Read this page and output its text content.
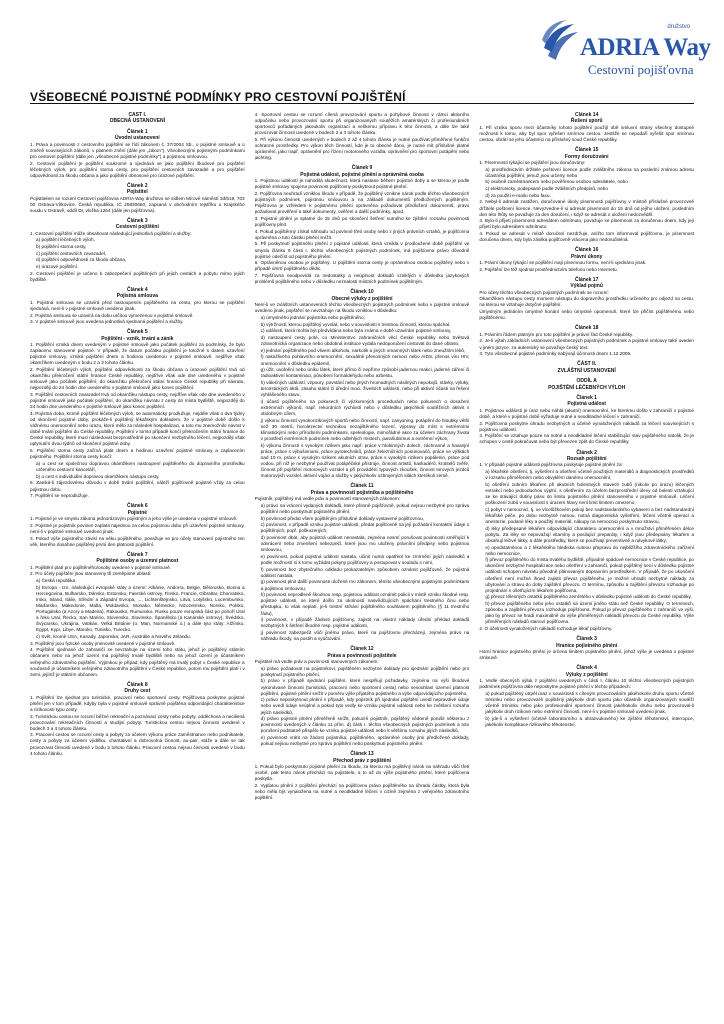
družstvo
ADRIA Way
Cestovní pojišťovna
VŠEOBECNÉ POJISTNÉ PODMÍNKY PRO CESTOVNÍ POJIŠTĚNÍ
ČÁST I.
OBECNÁ USTANOVENÍ
Článek 1
Úvodní ustanovení

1. Práva a povinnosti z cestovního pojištění se řídí zákonem č. 37/2004 Sb., o pojistné smlouvě a o změně souvisejících zákonů, v platném znění (dále jen „zákon"), Všeobecnými pojistnými podmínkami pro cestovní pojištění (dále jen „všeobecné pojistné podmínky") a pojistnou smlouvou.

2. Cestovní pojištění je pojištění soukromé a sjednává se jako pojištění škodové pro pojištění léčebných výloh, pro pojištění stornа cesty, pro pojištění cestovních zavazadel a pro pojištění odpovědnosti za škodu občana a jako pojištění obnosové pro úrazové pojištění.

Článek 2
Pojistitel

Pojistitelem se rozumí Cestovní pojišťovna ADRIA Way družstvo se sídlem Mírové náměstí 3d/519, 703 00 Ostrava-Vítkovice, Česká republika, IČ 25830660, zapsaná v obchodním rejstříku u Krajského soudu v Ostravě, oddíl Dr, vložka 1264 (dále jen pojišťovna).

Článek 3
Cestovní pojištění

1. Cestovní pojištění může obsahovat následující jednotlivá pojištění a služby:

a) pojištění léčebných výloh,

b) pojištění storna cesty,

c) pojištění cestovních zavazadel,

d) pojištění odpovědnosti za škodu občana,

e) úrazové pojištění.

2. Cestovní pojištění je určeno k zabezpečení pojištěných při jejich cestách a pobytu mimo jejich bydliště.

Článek 4
Pojistná smlouva

1. Pojistná smlouva se uzavírá před nastoupením pojištěného na cestu, pro kterou se pojištění sjednává, není-li v pojistné smlouvě uvedeno jinak.

2. Pojistná smlouva se uzavírá na dobu určitou vymezenou v pojistné smlouvě.

3. V pojistné smlouvě jsou uvedena jednotlivá sjednaná pojištění a služby.

Článek 5
Pojištění - vznik, trvání a zánik

1. Pojištění vzniká dnem uvedeným v pojistné smlouvě jako počátek pojištění za podmínky, že bylo zaplaceno stanovené pojistné. V případě, že datum počátku pojištění je totožné s datem uzavření pojistné smlouvy, vzniká pojištění dnem a hodinou uvedenou v pojistné smlouvě, nejdříve však okamžikem uvedeným v bodu 2 a 3 tohoto článku.

2. Pojištění léčebných výloh, pojištění odpovědnosti za škodu občana a úrazové pojištění trvá od okamžiku překročení státní hranice České republiky, nejdříve však ode dne uvedeného v pojistné smlouvě jako počátek pojištění, do okamžiku překročení státní hranice České republiky při návratu, nejpozději do 24 hodin dne uvedeného v pojistné smlouvě jako konec pojištění.

3. Pojištění cestovních zavazadel trvá od okamžiku nástupu cesty, nejdříve však ode dne uvedeného v pojistné smlouvě jako počátek pojištění, do okamžiku návratu z cesty do místa bydliště, nejpozději do 24 hodin dne uvedeného v pojistné smlouvě jako konec pojištění.

4. Pojistná doba, kromě pojištění léčebných výloh, se automaticky prodlužuje, nejdéle však o dva týdny od skončení pojistné doby, prokáže-li pojištěný lékařským dokladem, že v pojistné době došlo k vážnému onemocnění nebo úrazu, které mělo za následek hospitalizaci, a toto mu znemožnilo návrat v době trvání pojištění do České republiky. Pojištění v tomto případě končí překročením státní hranice do České republiky, které musí následovat bezprostředně po skončení nezbytného léčení, nejpozději však uplynutím dvou týdnů od skončení pojistné doby.

5. Pojištění storna cesty začíná platit dnem a hodinou uzavření pojistné smlouvy a zaplacením pojistného. Pojištění storna cesty končí:

a) u cest se společnou dopravou okamžikem nastoupení pojištěného do dopravního prostředku určeného cestovní kanceláří,

b) u cest s individuální dopravou okamžikem nástupu cesty.

6. Zaniká-li zájezdovému důvodu v době trvání pojištění, náleží pojišťovně pojistné vždy za celou pojistnou dobu.

7. Pojištění se neprodlužuje.

Článek 6
Pojistné

1. Pojistné je ve smyslu zákona jednorázovým pojistným a jeho výše je uvedena v pojistné smlouvě.

2. Pojistné je pojistník povinen zaplatit najednou za celou pojistnou dobu při uzavření pojistné smlouvy, není-li v pojistné smlouvě uvedeno jinak.

3. Pokud výše pojistného závisí na věku pojištěného, považuje se pro účely stanovení pojistného ten věk, kterého dosáhne pojištěný první den platnosti pojištění.

Článek 7
Pojištěné osoby a územní platnost

1. Pojištění platí pro pojištěného/osoby uvedené v pojistné smlouvě.

2. Pro účely pojištění jsou stanoveny tři zeměpisné oblasti:

a) Česká republika

b) Evropa - tzn. následující evropské státy a území: Albánie, Andorra, Belgie, Bělorusko, Bosna a Hercegovina, Bulharsko, Dánsko, Estonsko, Faerské ostrovy, Finsko, Francie, Gibraltar, Chorvatsko, Irsko, Island, Itálie, Střední a Západní Evropa, ..., Lichtenštejnsko, Litva, Lotyšsko, Lucembursko, Maďarsko, Makedonie, Malta, Moldavsko, Monako, Německo, Nizozemsko, Norsko, Polsko, Portugalsko (a Azory a Madeira), Rakousko, Rumunsko, Rusko pouze evropská část po pohoří Ural a řeku Ural, Řecko, San Marino, Slovensko, Slovinsko, Španělsko (a Kanárské ostrovy), Švédsko, Švýcarsko, Ukrajina, Vatikán, Velká Británie (o. Man, Normanské o.) a dále tyto státy: Alžírsko, Egypt, Kypr, Libye, Maroko, Tunisko, Turecko.

c) Svět, kromě USA, Kanady, Japonska, JAR, Austrálie a Nového Zélandu.

3. Pojištěný jsou fyzické osoby jmenovitě uvedené v pojistné smlouvě.

4. Pojištění sjednané do zahraničí se nevztahuje na území toho státu, jehož je pojištěný státním občanem nebo na jehož území má pojištěný trvalé bydliště nebo na jehož území je účastníkem veřejného zdravotního pojištění. Výjimkou je případ, kdy pojištěný má trvalý pobyt v České republice a současně je účastníkem veřejného zdravotního pojištění v České republice, potom mu pojištění platí i v zemi, jejímž je státním občanem.

Článek 8
Druhy cest

1. Pojištění lze sjednat pro turistické, pracovní nebo sportovní cesty. Pojišťovna poskytne pojistné plnění jen v tom případě, kdyby byla v pojistné smlouvě správně pojištěna odpovídající charakteristice a rizikovosti typu cesty.

2. Turistickou cestou se rozumí běžné rekreační a poznávací cesty nebo pobyty, odděchová a neciliená provozování rekreačních činností a studijní pobyty. Turistickou cestou nejsou činnosti uvedené v bodech 3 a 4 tohoto článku.

3. Pracovní cestou se rozumí cesty a pobyty za účelem výkonu práce zaměstnance nebo podnikatele, cesty a pobyty za účelem výdělku, charitativní a dobrovolná činnost, au-pair, stáže a dále se tak provozovat činnosti uvedené v bodu 2 tohoto článku. Pracovní cestou nejsou činnosti uvedené v bodu 4 tohoto článku.

4. Sportovní cestou se rozumí cílená provozování sportu a pohybové činnosti v rámci aktivního odpočinku nebo provozování sportu při organizovaných soutěžích amatérských či profesionálních sportovců pořádaných jakoukoliv organizací a veškerou přípravu k této činnosti, a dále lze také provozovat činnosti uvedené v bodech 2 a 3 tohoto článku.

5. Při výkonu činností uvedených v bodech 2 až 4 tohoto článku je nutné používat přiměřené funkční ochranné prostředky. Pro výkon těch činností, kde je to obecně dáno, je nutné mít příslušné platné oprávnění, jako např. oprávnění pro řízení motorového vozidla, oprávnění pro sportovní potápění nebo jachting.

Článek 9
Pojistná událost, pojistné plnění a oprávněná osoba

1. Pojistnou událostí je nahodilá skutečnost, která nastane během pojistné doby a se kterou je podle pojistné smlouvy spojena povinnost pojišťovny poskytnout pojistné plnění.

2. Pojišťovna neuhradí vzniklou škodu v případě, že pojištěný vznikne nárok podle těchto všeobecných pojistných podmínek, pojistnou smlouvou a na základě dokumentů předložených pojištěným. Pojišťovna je vzhledem k pojistnému plnění oprávněna požadovat předložení dokumentů, pravo požadovat prověření a také dokumenty, ověření a další podmínky, apod.

3. Pojistné plnění je splatné do 15 dnů po skončení šetření nutného ke zjištění rozsahu povinnosti pojišťovny plnit.

4. Pokud pojištěnný získal náhradu od povinné třetí osoby nebo z jiných právních vztahů, je pojišťovna oprávněna o tuto částku plnění snížit.

5. Při poskytnutí pojistného plnění z pojistné události, která vznikla v prodloužené době pojištění ve smyslu článku 5 části I. těchto všeobecných pojistných podmínek, má pojišťovna právo důvodně pojistné odečíst od pojistného plnění.

6. Oprávněnou osobou je pojištěný. U pojištění storna cesty je oprávněnou osobou pojištěný nebo v případě úmrtí pojištěného dědic.

7. Pojišťovna neodpovídá za nedostatky a neúplnost dokladů vzniklých v důsledku jazykových problémů pojištěného nebo v důsledku neznalosti místních podmínek pojištěným.

Článek 10
Obecné výluky z pojištění

Není-li ve zvláštních ustanoveních těchto všeobecných pojistných podmínek nebo v pojistné smlouvě uvedeno jinak, pojištění se nevztahuje na škodu vzniklou v důsledku:

a) úmyslného jednání pojistníka nebo pojištěného,

b) výtržnosti, kterou pojištěný vyvolal, nebo v souvislosti s trestnou činností, kterou spáchal,

c) události, která mohla být předvídána nebo byla známa v době uzavírání pojistné smlouvy,

d) nastoupení cesty poté, co Ministerstvo zahraničních věcí České republiky nebo Světová zdravotnická organizace nebo obdobná instituce vydala nedoporučení cestovat do dané oblasti,

e) jednání pojištěného pod vlivem alkoholu, narkotik a jiných omamných látek nebo zneužitím léků,

f) nakažlivého pohlavního onemocnění, sexuálně přenosných nemocí nebo AIDS, přenos viru HIV, onemocnění v důsledku epidemií,

g) úžit, uvolnění nebo úniku látek, které přímo či nepřímo způsobí jadernou reakci, jaderné záření či radioaktivní kontaminaci, působení formaldehydu nebo azbestu,

h) válečných událostí, vzpoury, povstání nebo jiných hromadných násilných nepokojů, stávky, výluky, teroristických aktů, zásahu státní či úřední moci, živelních událostí, nebo při aktivní účasti na řešení vyhlášeného stavu,

i) účasti pojištěného na pokusech či výzkumných procedurách nebo pokusech o dosažení extrémních výkonů, např. rekordních rychlostí nebo v důsledku jakýchkoli soutěžních aktivit s obdobným cílem,

j) výkonu činností vysokorizikových sportů nebo činností, např. canyoning, potápění do hloubky větší než 30 metrů, horolezectví technikou nezajištěného lezení, výpravy do míst s extrémními klimatickými nebo přírodními podmínkami, speleologie, mimořádné akce za účelem záchrany života v prostředí extrémních podmínek nebo odlehlých místech, parašutismus a extrémní výkon,

k) výkonu činností s vysokým rizikem jako např. práce v hlubinných dolech, záchranné a havarijní práce, práce s výbušninami, práce pyrotechniků, práce železničních posunovačů, práce ve výškách nad 10 m, práce s vysokým rizikem akutních otrav, práce s vysokým rizikem popálenin, práce pod vodou, při níž je nezbytné používat potápěčské přístroje, činnost artistů, kaskadérů, krotitelů zvěře, činnost při pojištění motorových vozidel a při provádění typových zkoušek, činnost torových jezdců motorových vozidel, aktivní vojáci a služby v jakýchkoliv ozbrojených silách kterékoli země.

Článek 11
Práva a povinnosti pojistníka a pojištěného

Pojistník, pojištěný má vedle práv a povinností stanovených zákonem:

a) právo na vrácení vydaných dokladů, které přesně pojišťovně, pokud nejsou nezbytné pro správu pojištění nebo poskytnutí pojistného plnění,

b) povinnost předat všem pojištěným příslušné doklady vystavené pojišťovnou,

c) povinnost, v případě vzniku pojistné události, předat pojišťovně na její požádání kontaktní údaje o pojištěných, popř. poškozených,

d) povinnost dbát, aby pojistná událost nenastala, zejména nesmí porušovat povinnosti směřující k odvrácení nebo zmenšení nebezpečí, které jsou mu uloženy právními předpisy nebo pojistnou smlouvou,

e) povinnost, pokud pojistná událost nastala, učinit nutná opatření ke zmírnění jejích následků a podle možností si k tomu vyžádat pokyny pojišťovny a postupovat v souladu s nimi,

f) povinnost bez zbytečného odkladu prokazatelným způsobem oznámit pojišťovně, že pojistná událost nastala,

g) povinnost plnit další povinnosti uložené mu zákonem, těmito všeobecnými pojistnými podmínkami a pojistnou smlouvou,

h) povinnost neprodleně škodnou resp. pojistnou událost oznámit policii v místě vzniku škodné resp. pojistné události, se které došlo za okolností nasvědčujících spáchání trestného činu nebo přestupku, to však neplatí, je-li trestní stíhání pojištěného souhlasem pojištěného (§ 11 trestního řádu),

i) povinnost, v případě žádosti pojišťovny, zajistit na vlastní náklady úřední překlad dokladů nezbytných k šetření škodné resp. pojistné události,

j) povinnost zabezpečit vůči jinému právo, které na pojišťovnu přecházejí, zejména právo na náhradu škody, na postih a vyúčtování.

Článek 12
Práva a povinnosti pojistitele

Pojistitel má vedle práv a povinností stanovených zákonem:

a) právo požadovat na pojistníkovi, pojištěném nezbytné doklady pro sjednání pojištění nebo pro poskytnutí pojistného plnění,

b) právo v případě sjednání pojištění, které nesplňují požadavky, zejména na výši škodové vykonávané činnosti (turistická, pracovní nebo sportovní cesta) nebo nesouhlasí územní platnost pojištění, pojistné plnění snížit v poměru výše přijatého pojistného a výše odpovídajícího pojistného,

c) právo neposkytnout plnění v případě, kdy pojistník při sjednání pojištění uvedl nepravdivé údaje nebo uvedl údaje neúplné a pokud tyto vedly ke vzniku pojistné události nebo ke zvětšení rozsahu jejích následků,

d) právo pojistné plnění přiměřeně snížit, pokud-li pojistník, pojištěný vědomě porušil některou z povinností uvedených v článku 11 přím. d) části I. těchto všeobecných pojistných podmínek a toto porušení podstatně přispělo ke vzniku pojistné události nebo k většímu rozsahu jejích následků,

e) povinnost vrátit na žádost pojistníka, pojištěného, oprávněné osoby jimi předložené doklady, pokud nejsou nezbytné pro správu pojištění nebo poskytnutí pojistného plnění.

Článek 13
Přechod práv z pojištění

1. Pokud bylo poskytnuto pojistné plnění za škodu, za kterou má pojištěný nárok na náhradu vůči třetí osobě, pak tento nárok přechází na pojistitele, a to až do výše pojistného plnění, které pojišťovna poskytla.

2. Vyplatou plnění z pojištění přechází na pojišťovnu právo pojištěného na úhradu částky, která byla nebo měla být vynaložena na nutné a neodkladné léčení v cizině zejména z veřejného zdravotního pojištění.

Článek 14
Řešení sporů

1. Při vzniku sporu mezi účastníky tohoto pojištění použijí obě smluvní strany všechny dostupné možnosti k tomu, aby byl spor vyřešen smírnou cestou. Jestliže se nepodaří vyřešit spor smírnou cestou, obrátí se jeho účastníci na příslušný soud České republiky.

Článek 15
Formy doručování

1. Písemnosti týkající se pojištění jsou doručovány:

a) prostřednictvím držitele poštovní licence podle zvláštního zákona na poslední známou adresu účastníka pojištění, jemuž jsou určeny, nebo

b) osobně zaměstnancem nebo pověřenou osobou odesilatele, nebo

c) elektronicky, podepsané podle zvláštních předpisů, nebo

d) za použití e-mailu nebo faxu.

2. Nebyl-li adresát zastižen, doručované úkoly písemnosti pojišťovny v místně příslušné provozovně držitele poštovní licence. Nevyzvedne-li si adresát písemnost do 15 dnů od jejího uložení, posledním den této lhůty se považuje za den doručení, i když se adresát o uložení nedozvěděl.

3. Bylo-li přijetí písemnosti adresátem odmítnuto, považuje se písemnost za doručenou dnem, kdy její přijetí bylo adresátem odmítnuto.

4. Pokud se adresát v místě doručení nezdržuje, anižto tom informoval pojišťovnu, je písemnost doručena dnem, kdy byla zásilka pojišťovně vrácena jako nedoručitelná.

Článek 16
Právní úkony

1. Právní úkony týkající se pojištění mají písemnou formu, není-li ujednáno jinak.

2. Pojištění lze též sjednat prostřednictvím telefonu nebo Internetu.

Článek 17
Výklad pojmů

Pro účely těchto všeobecných pojistných podmínek se rozumí:

Okamžikem nástupu cesty moment nástupu do dopravního prostředku určeného pro odjezd na cestu, na kterou se vztahuje dotyčné pojištění.

Úmyslným jednáním úmyslné konání nebo úmyslné opomenutí, které lze přičíst pojištěnému nebo pojištěnému.

Článek 18

1. Právním řádem platným pro toto pojištění je právní řád České republiky.

2. Je-li výtah základních ustanovení všeobecných pojistných podmínek a pojistné smlouvy také uveden v jiném jazyce, za autentický se považuje český text.

3. Tyto všeobecné pojistné podmínky nabývají účinnosti dnem 1.12.2005.

ČÁST II.
ZVLÁŠTNÍ USTANOVENÍ
ODDÍL A
POJIŠTĚNÍ LÉČEBNÝCH VÝLOH
Článek 1
Pojistná událost

1. Pojistnou událostí je úraz nebo náhlá (akutní) onemocnění, ke kterému došlo v zahraničí v pojistné době, a které v pojistné době vyžaduje nutné a neodkladné léčení v zahraničí.

2. Pojišťovna poskytne úhradu nezbytných a účelně vynaložených nákladů za léčení souvisejících s pojistnou událostí.

3. Pojištění se vztahuje pouze na nutné a neodkladné léčení stabilizující stav pojištěného natolik, že je schopen v cestě pokračovat nebo být převezen zpět do České republiky.

Článek 2
Rozsah pojištění

1. V případě pojistné události pojišťovna poskytuje pojistné plnění za:

a) lékařské ošetření, tj. vyšetření a ošetření včetně použitých materiálů a diagnostických prostředků v rozsahu přiměřeném nebo obvyklém danému onemocnění,

b) ošetření zubním lékařem při akutních bolestivých stavech zubů (nikoliv po úrazu) léčených extrakcí nebo jednoduchou výplní, s ošetřením za účelem bezprostřední úlevy od bolesti vztahující se ke stávající dutiny pásu do limitu pojistného plnění stanoveného v pojistné smlouvě. Léčení poškození zubů v souvislosti s úrazem hlavy není limit limitem omezeno,

c) pobyt v nemocnici, tj. ve vícelůžkovém pokoji bez nadstandardního vybavení a bez nadstandardní lékařské péče, po dobu nezbytně nutnou, nutná diagnostická vyšetření, léčení včetně operací a anestezie, podané léky a použitý materiál, nákupy na nemocnici poskytnuto stravou,

d) léky předepsané lékařem odpovídající charakteru onemocnění a v množství přiměřeném délce pobytu. Za léky se nepovažují vitamíny a posilující preparáty, i když jsou předepsány lékařem a obsahují léčivé látky, a dále prostředky, které se používají preventivně a návykové látky,

e) opodstatněnou a z lékařského hlediska nutnou přepravu do nejbližšího zdravotnického zařízení nebo nemocnice,

f) převoz pojištěného do místa trvalého bydliště, případně spádové nemocnice v České republice, po ukončení nezbytné hospitalizace nebo ošetření v zahraničí, pokud pojištěný není v důsledku pojistné události schopen návratu původně plánovaným dopravním prostředkem. V případě, že po ukončení ošetření není možné ihned zajistit převoz pojištěného, je možné uhradit nezbytné náklady za ubytování a stravu do doby zajištění převozu. O termínu, způsobu a zajištění převozu rozhoduje po projednání s ošetřujícím lékařem pojišťovna,

g) převoz tělesných ostatků pojištěného zemřelého v důsledku pojistné události do České republiky,

h) převoz pojištěného nebo jeho ostatků na území jiného státu než České republiky. O termínech, způsobu a zajištění převozu rozhoduje pojišťovna. Pokud je převoz pojištěného z zahraničí ve výši, jako by převoz se hradí maximálně do výše přiměřených nákladů převozu do České republiky. Výše přiměřených nákladů stanoví pojišťovna.

2. O účelnosti vynaložených nákladů rozhoduje lékař pojišťovny.

Článek 3
Hranice pojistného plnění

Horní hranice pojistného plnění je určena limitem pojistného plnění, jehož výše je uvedena v pojistné smlouvě.

Článek 4
Výluky z pojištění

1. Vedle obecných výluk z pojištění uvedených v části I. článku 10 těchto všeobecných pojistných podmínek pojišťovna dále neposkytne pojistné plnění v těchto případech:

a) pokud pojištěný utrpěl úraz v souvislosti s cíleným provozováním jakéhokoliv druhu sportu včetně tréninku nebo provozoval-li pojištěný jakýkoliv druh sportu jako účastník organizovaných soutěží včetně tréninku nebo jako profesionální sportovní činnost jakéhokoliv druhu nebo provozoval-li jakýkoliv druh rizikové nebo extrémní činnosti, není-li v pojistné smlouvě uvedeno jinak,

b) jde-li o vyšetření (včetně laboratorního a ultrazvukového) ke zjištění těhotenství, interrupce, jakékoliv komplikace rizikového těhotenství.
